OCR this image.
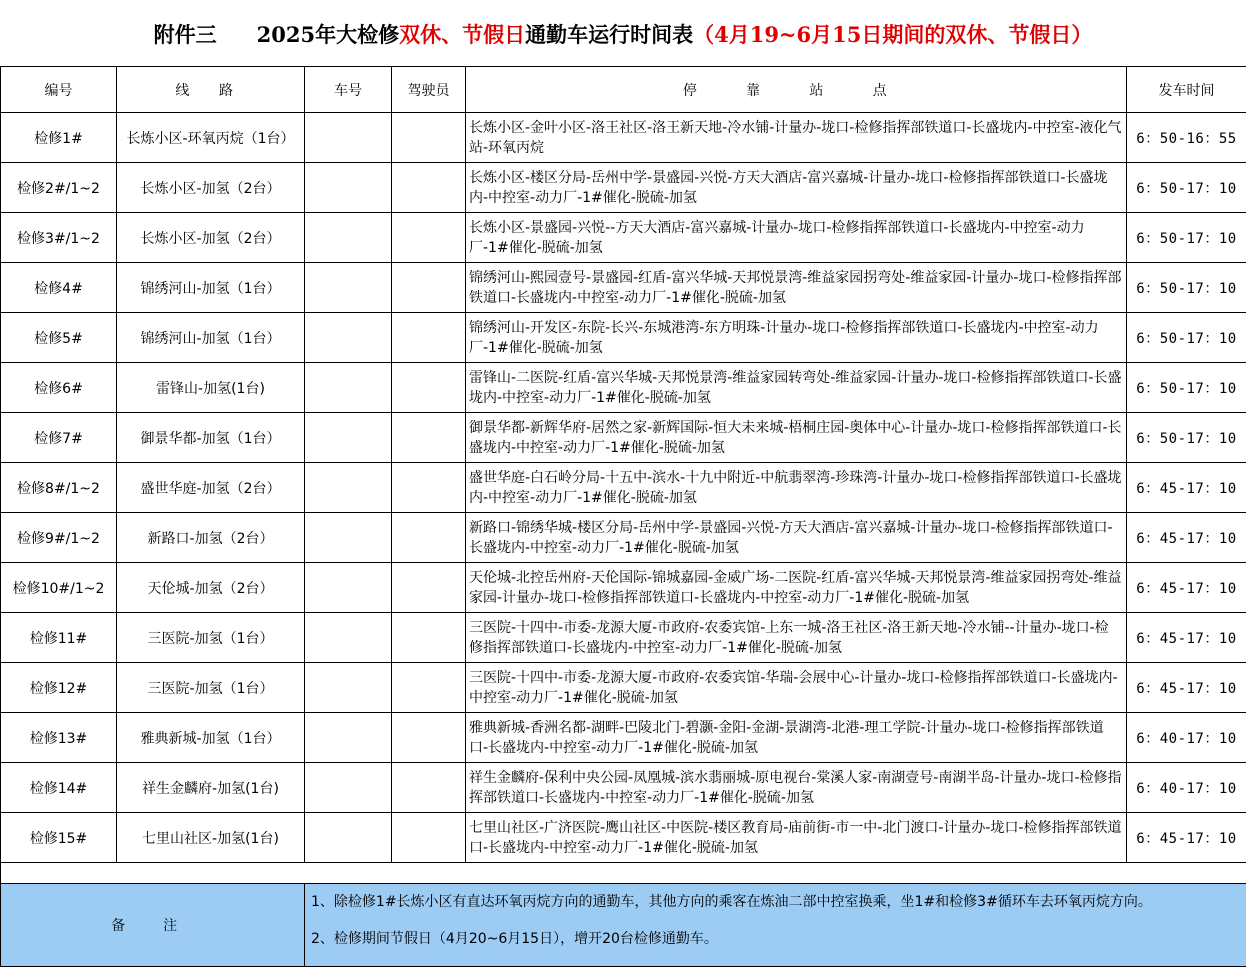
附件三 2025年大检修双休、节假日通勤车运行时间表（4月19~6月15日期间的双休、节假日）
编号	线 路	车号	驾驶员	停 靠 站 点	发车时间
检修1#	长炼小区-环氧丙烷（1台）			长炼小区-金叶小区-洛王社区-洛王新天地-冷水铺-计量办-垅口-检修指挥部铁道口-长盛垅内-中控室-液化气站-环氧丙烷	6：50-16：55
检修2#/1~2	长炼小区-加氢（2台）			长炼小区-楼区分局-岳州中学-景盛园-兴悦-方天大酒店-富兴嘉城-计量办-垅口-检修指挥部铁道口-长盛垅内-中控室-动力厂-1#催化-脱硫-加氢	6：50-17：10
检修3#/1~2	长炼小区-加氢（2台）			长炼小区-景盛园-兴悦--方天大酒店-富兴嘉城-计量办-垅口-检修指挥部铁道口-长盛垅内-中控室-动力厂-1#催化-脱硫-加氢	6：50-17：10
检修4#	锦绣河山-加氢（1台）			锦绣河山-熙园壹号-景盛园-红盾-富兴华城-天邦悦景湾-维益家园拐弯处-维益家园-计量办-垅口-检修指挥部铁道口-长盛垅内-中控室-动力厂-1#催化-脱硫-加氢	6：50-17：10
检修5#	锦绣河山-加氢（1台）			锦绣河山-开发区-东院-长兴-东城港湾-东方明珠-计量办-垅口-检修指挥部铁道口-长盛垅内-中控室-动力厂-1#催化-脱硫-加氢	6：50-17：10
检修6#	雷锋山-加氢(1台)			雷锋山-二医院-红盾-富兴华城-天邦悦景湾-维益家园转弯处-维益家园-计量办-垅口-检修指挥部铁道口-长盛垅内-中控室-动力厂-1#催化-脱硫-加氢	6：50-17：10
检修7#	御景华都-加氢（1台）			御景华都-新辉华府-居然之家-新辉国际-恒大未来城-梧桐庄园-奥体中心-计量办-垅口-检修指挥部铁道口-长盛垅内-中控室-动力厂-1#催化-脱硫-加氢	6：50-17：10
检修8#/1~2	盛世华庭-加氢（2台）			盛世华庭-白石岭分局-十五中-滨水-十九中附近-中航翡翠湾-珍珠湾-计量办-垅口-检修指挥部铁道口-长盛垅内-中控室-动力厂-1#催化-脱硫-加氢	6：45-17：10
检修9#/1~2	新路口-加氢（2台）			新路口-锦绣华城-楼区分局-岳州中学-景盛园-兴悦-方天大酒店-富兴嘉城-计量办-垅口-检修指挥部铁道口-长盛垅内-中控室-动力厂-1#催化-脱硫-加氢	6：45-17：10
检修10#/1~2	天伦城-加氢（2台）			天伦城-北控岳州府-天伦国际-锦城嘉园-金威广场-二医院-红盾-富兴华城-天邦悦景湾-维益家园拐弯处-维益家园-计量办-垅口-检修指挥部铁道口-长盛垅内-中控室-动力厂-1#催化-脱硫-加氢	6：45-17：10
检修11#	三医院-加氢（1台）			三医院-十四中-市委-龙源大厦-市政府-农委宾馆-上东一城-洛王社区-洛王新天地-冷水铺--计量办-垅口-检修指挥部铁道口-长盛垅内-中控室-动力厂-1#催化-脱硫-加氢	6：45-17：10
检修12#	三医院-加氢（1台）			三医院-十四中-市委-龙源大厦-市政府-农委宾馆-华瑞-会展中心-计量办-垅口-检修指挥部铁道口-长盛垅内-中控室-动力厂-1#催化-脱硫-加氢	6：45-17：10
检修13#	雅典新城-加氢（1台）			雅典新城-香洲名都-湖畔-巴陵北门-碧灏-金阳-金湖-景湖湾-北港-理工学院-计量办-垅口-检修指挥部铁道口-长盛垅内-中控室-动力厂-1#催化-脱硫-加氢	6：40-17：10
检修14#	祥生金麟府-加氢(1台)			祥生金麟府-保利中央公园-凤凰城-滨水翡丽城-原电视台-棠溪人家-南湖壹号-南湖半岛-计量办-垅口-检修指挥部铁道口-长盛垅内-中控室-动力厂-1#催化-脱硫-加氢	6：40-17：10
检修15#	七里山社区-加氢(1台)			七里山社区-广济医院-鹰山社区-中医院-楼区教育局-庙前街-市一中-北门渡口-计量办-垅口-检修指挥部铁道口-长盛垅内-中控室-动力厂-1#催化-脱硫-加氢	6：45-17：10

备 注		1、除检修1#长炼小区有直达环氧丙烷方向的通勤车，其他方向的乘客在炼油二部中控室换乘，坐1#和检修3#循环车去环氧丙烷方向。
2、检修期间节假日（4月20~6月15日），增开20台检修通勤车。			
